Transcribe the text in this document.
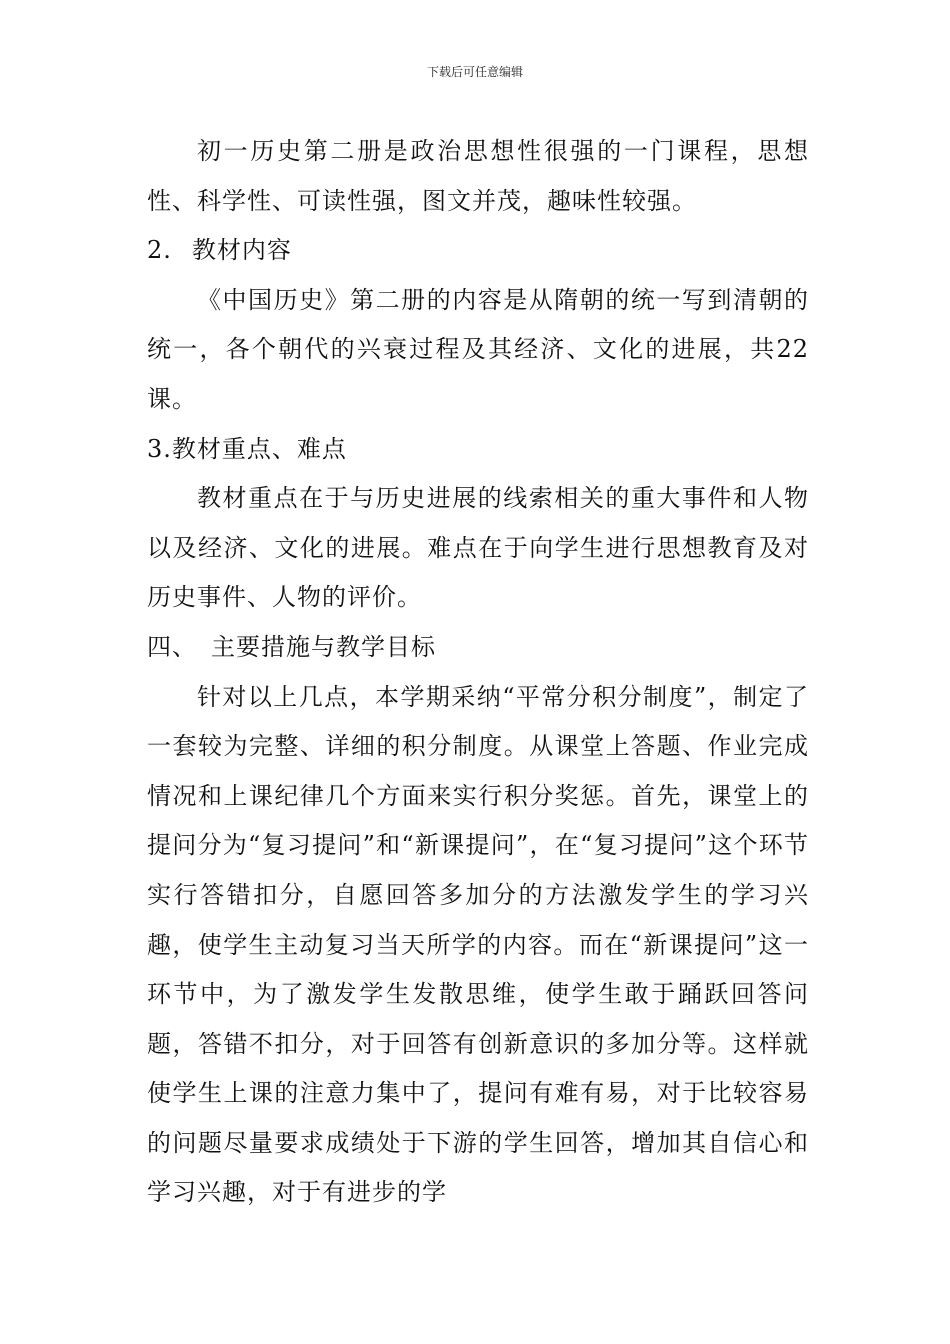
下载后可任意编辑

初一历史第二册是政治思想性很强的一门课程，思想性、科学性、可读性强，图文并茂，趣味性较强。

2. 教材内容

《中国历史》第二册的内容是从隋朝的统一写到清朝的统一，各个朝代的兴衰过程及其经济、文化的进展，共22课。

3.教材重点、难点

教材重点在于与历史进展的线索相关的重大事件和人物以及经济、文化的进展。难点在于向学生进行思想教育及对历史事件、人物的评价。

四、 主要措施与教学目标

针对以上几点，本学期采纳“平常分积分制度”，制定了一套较为完整、详细的积分制度。从课堂上答题、作业完成情况和上课纪律几个方面来实行积分奖惩。首先，课堂上的提问分为“复习提问”和“新课提问”，在“复习提问”这个环节实行答错扣分，自愿回答多加分的方法激发学生的学习兴趣，使学生主动复习当天所学的内容。而在“新课提问”这一环节中，为了激发学生发散思维，使学生敢于踊跃回答问题，答错不扣分，对于回答有创新意识的多加分等。这样就使学生上课的注意力集中了，提问有难有易，对于比较容易的问题尽量要求成绩处于下游的学生回答，增加其自信心和学习兴趣，对于有进步的学
